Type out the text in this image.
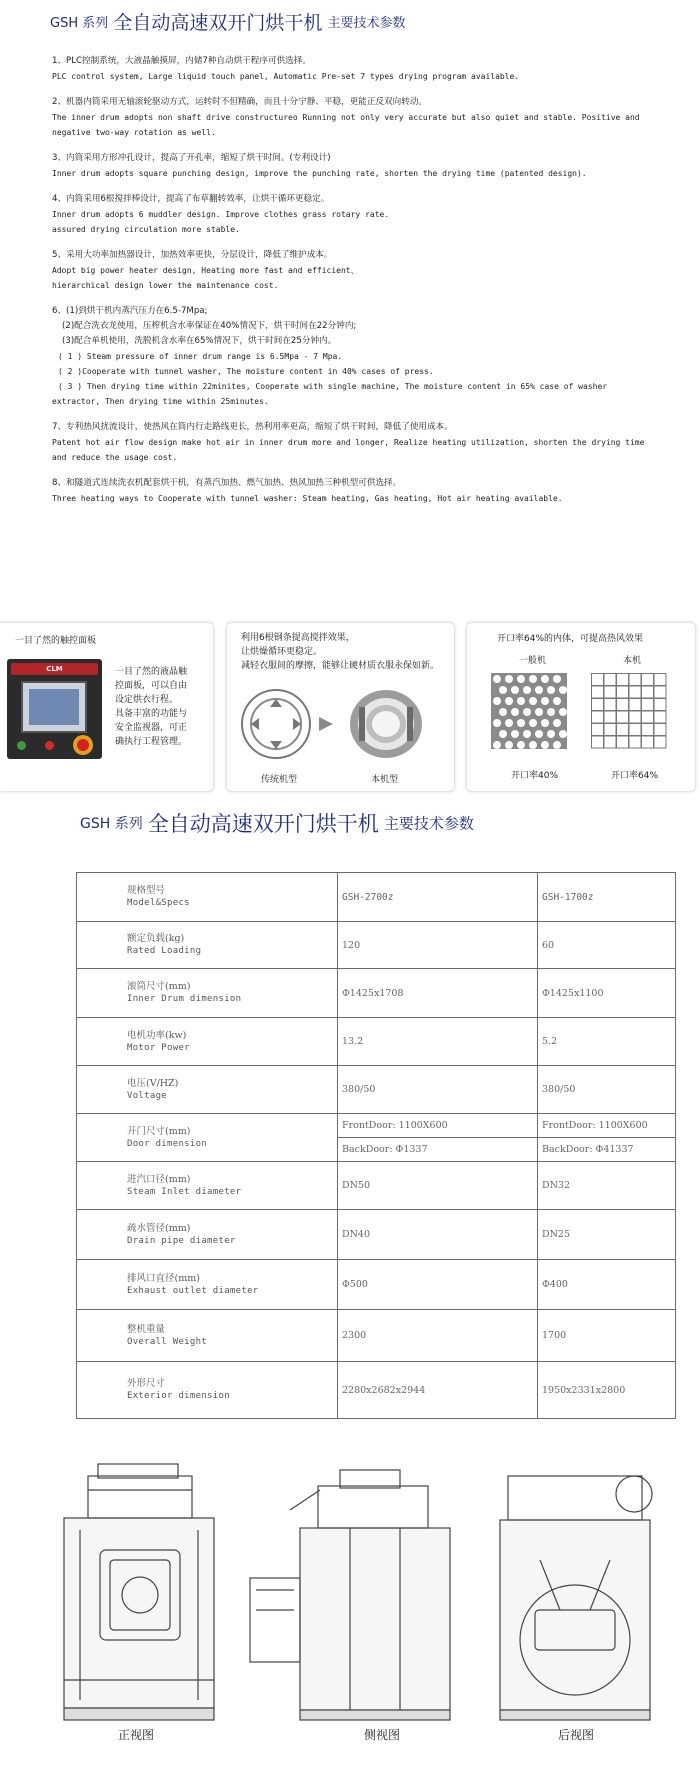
GSH 系列 全自动高速双开门烘干机 主要技术参数
1、PLC控制系统，大液晶触摸屏，内储7种自动烘干程序可供选择。
PLC control system, Large liquid touch panel, Automatic Pre-set 7 types drying program available.
2、机器内筒采用无轴滚轮驱动方式，运转时不但精确，而且十分宁静、平稳，更能正反双向转动。
The inner drum adopts non shaft drive constructureo Running not only very accurate but also quiet and stable. Positive and
negative two-way rotation as well.
3、内筒采用方形冲孔设计，提高了开孔率，缩短了烘干时间。(专利设计)
Inner drum adopts square punching design, improve the punching rate, shorten the drying time (patented design).
4、内筒采用6根搅拌棒设计，提高了布草翻转效率，让烘干循环更稳定。
Inner drum adopts 6 muddler design. Improve clothes grass rotary rate.
assured drying circulation more stable.
5、采用大功率加热器设计，加热效率更快，分层设计，降低了维护成本。
Adopt big power heater design, Heating more fast and efficient、
hierarchical design lower the maintenance cost.
6、(1)到烘干机内蒸汽压力在6.5-7Mpa;
(2)配合洗衣龙使用，压榨机含水率保证在40%情况下，烘干时间在22分钟内;
(3)配合单机使用，洗脱机含水率在65%情况下，烘干时间在25分钟内。
( 1 ) Steam pressure of inner drum range is 6.5Mpa - 7 Mpa.
( 2 )Cooperate with tunnel washer, The moisture content in 40% cases of press.
( 3 ) Then drying time within 22minites, Cooperate with single machine, The moisture content in 65% case of washer
extractor, Then drying time within 25minutes.
7、专利热风扰流设计，使热风在筒内行走路线更长，热利用率更高，缩短了烘干时间，降低了使用成本。
Patent hot air flow design make hot air in inner drum more and longer, Realize heating utilization, shorten the drying time
and reduce the usage cost.
8、和隧道式连续洗衣机配套烘干机，有蒸汽加热、燃气加热、热风加热三种机型可供选择。
Three heating ways to Cooperate with tunnel washer: Steam heating, Gas heating, Hot air heating available.
一目了然的触控面板
CLM	一目了然的液晶触
控面板，可以自由
设定烘衣行程。
具备丰富的功能与
安全监视器，可正
确执行工程管理。
利用6根钢条提高搅拌效果，
让烘燥循环更稳定。
减轻衣服间的摩擦，能够让硬材质衣服永保如新。
传统机型	本机型
开口率64%的内体，可提高热风效果
一般机	本机
开口率40%	开口率64%
GSH 系列 全自动高速双开门烘干机 主要技术参数
规格型号
Model&Specs	GSH-2700z	GSH-1700z

额定负载(kg)
Rated Loading	120	60

滚筒尺寸(mm)
Inner Drum dimension	Φ1425x1708	Φ1425x1100

电机功率(kw)
Motor Power	13.2	5.2

电压(V/HZ)
Voltage	380/50	380/50

开门尺寸(mm)
Door dimension	FrontDoor: 1100X600	FrontDoor: 1100X600
	BackDoor: Φ1337	BackDoor: Φ41337

进汽口径(mm)
Steam Inlet diameter	DN50	DN32

疏水管径(mm)
Drain pipe diameter	DN40	DN25

排风口直径(mm)
Exhaust outlet diameter	Φ500	Φ400

整机重量
Overall Weight	2300	1700

外形尺寸
Exterior dimension	2280x2682x2944	1950x2331x2800
正视图	侧视图	后视图
